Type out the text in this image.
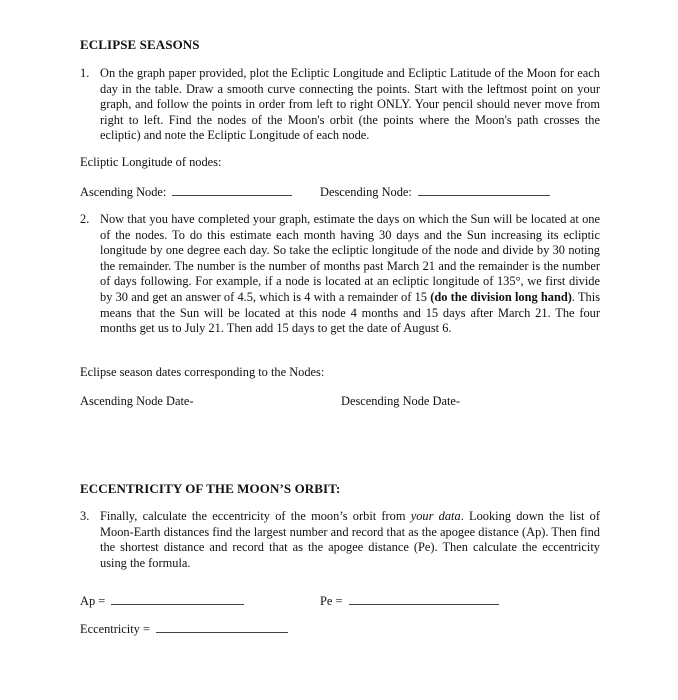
ECLIPSE SEASONS
1. On the graph paper provided, plot the Ecliptic Longitude and Ecliptic Latitude of the Moon for each day in the table. Draw a smooth curve connecting the points. Start with the leftmost point on your graph, and follow the points in order from left to right ONLY. Your pencil should never move from right to left. Find the nodes of the Moon's orbit (the points where the Moon's path crosses the ecliptic) and note the Ecliptic Longitude of each node.
Ecliptic Longitude of nodes:
Ascending Node:	Descending Node:
2. Now that you have completed your graph, estimate the days on which the Sun will be located at one of the nodes. To do this estimate each month having 30 days and the Sun increasing its ecliptic longitude by one degree each day. So take the ecliptic longitude of the node and divide by 30 noting the remainder. The number is the number of months past March 21 and the remainder is the number of days following. For example, if a node is located at an ecliptic longitude of 135°, we first divide by 30 and get an answer of 4.5, which is 4 with a remainder of 15 (do the division long hand). This means that the Sun will be located at this node 4 months and 15 days after March 21. The four months get us to July 21. Then add 15 days to get the date of August 6.
Eclipse season dates corresponding to the Nodes:
Ascending Node Date-	Descending Node Date-
ECCENTRICITY OF THE MOON’S ORBIT:
3. Finally, calculate the eccentricity of the moon’s orbit from your data. Looking down the list of Moon-Earth distances find the largest number and record that as the apogee distance (Ap). Then find the shortest distance and record that as the apogee distance (Pe). Then calculate the eccentricity using the formula.
Ap =	Pe =
Eccentricity =
